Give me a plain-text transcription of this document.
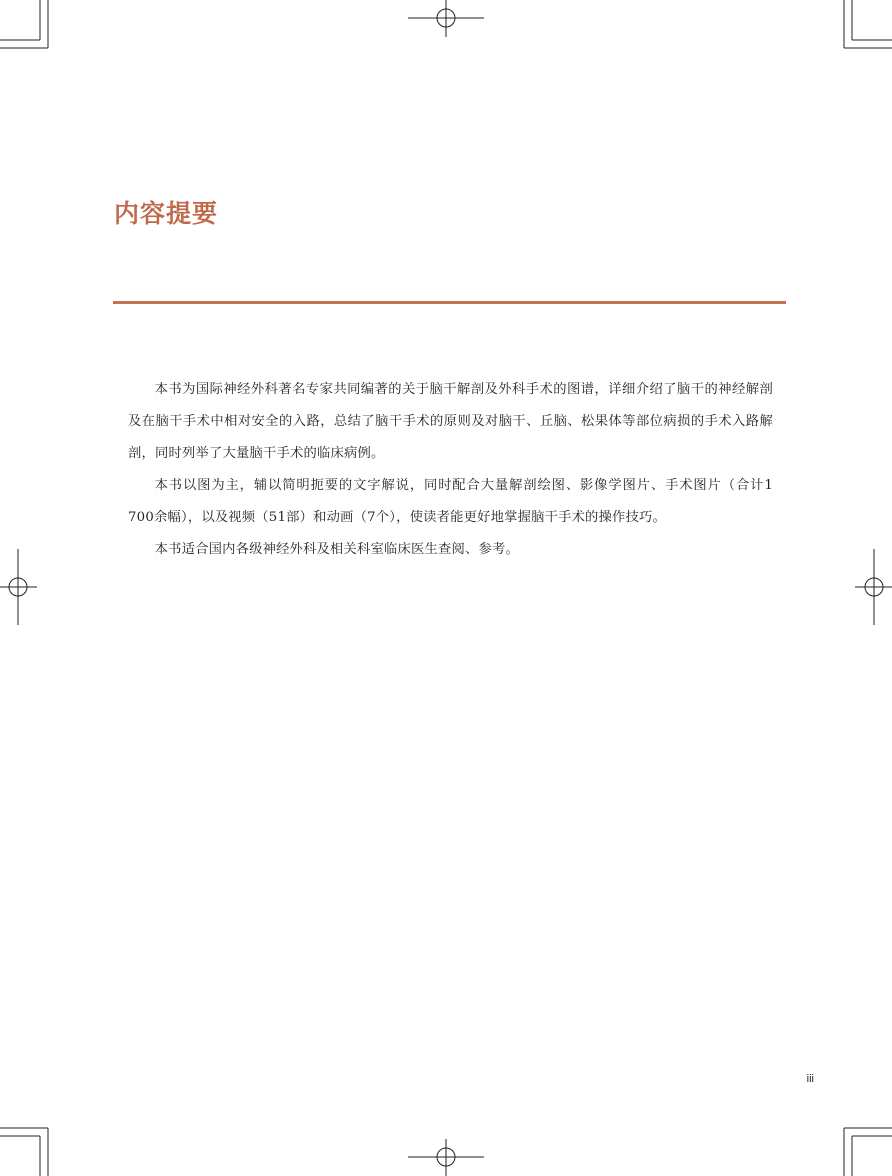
内容提要

本书为国际神经外科著名专家共同编著的关于脑干解剖及外科手术的图谱，详细介绍了脑干的神经解剖及在脑干手术中相对安全的入路，总结了脑干手术的原则及对脑干、丘脑、松果体等部位病损的手术入路解剖，同时列举了大量脑干手术的临床病例。

本书以图为主，辅以简明扼要的文字解说，同时配合大量解剖绘图、影像学图片、手术图片（合计1 700余幅），以及视频（51部）和动画（7个），使读者能更好地掌握脑干手术的操作技巧。

本书适合国内各级神经外科及相关科室临床医生查阅、参考。

iii
